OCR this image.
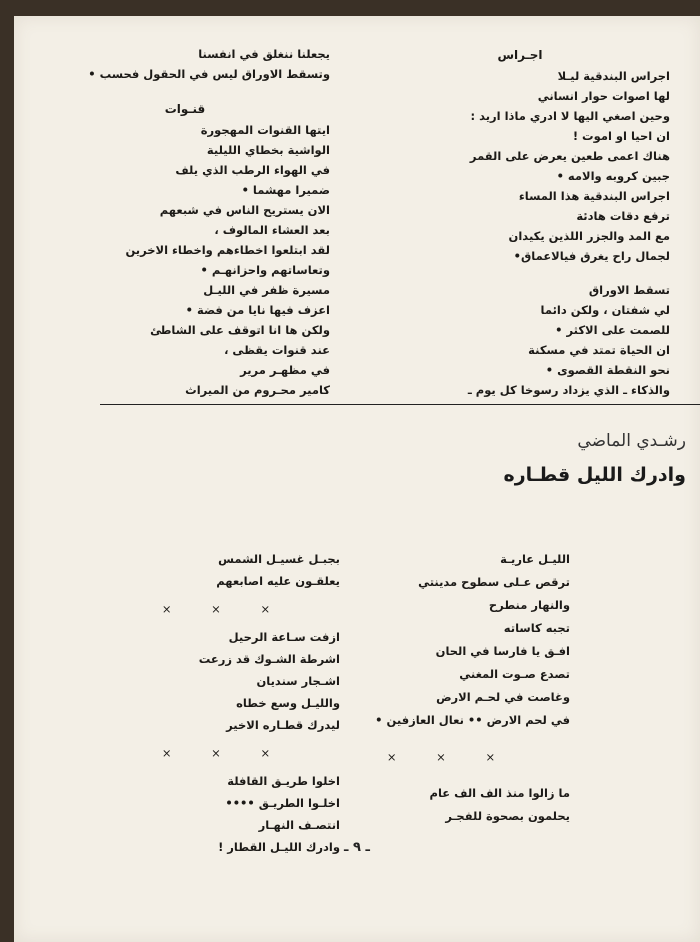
اجـراس
اجراس البندقية ليـلا
لها اصوات حوار انساني
وحين اصغي اليها لا ادري ماذا اريد :
ان احيا او اموت !
هناك اعمى طعين يعرض على القمر
جبين كروبه والامه •
اجراس البندقية هذا المساء
ترفع دقات هادئة
مع المد والجزر اللذين يكيدان
لجمال راح يغرق فيالاعماق•
تسقط الاوراق
لي شفتان ، ولكن دائما
للصمت على الاكثر •
ان الحياة تمتد في مسكنة
نحو النقطة القصوى •
والذكاء ـ الذي يزداد رسوخا كل يوم ـ
يجعلنا ننغلق في انفسنا
وتسقط الاوراق ليس في الحقول فحسب •
قنـوات
ايتها القنوات المهجورة
الواشية بخطاي الليلية
في الهواء الرطب الذي يلف
ضميرا مهشما •
الان يستريح الناس في شبعهم
بعد العشاء المالوف ،
لقد ابتلعوا اخطاءهم واخطاء الاخرين
وتعاساتهم واحزانهـم •
مسيرة ظفر في الليـل
اعزف فيها نايا من فضة •
ولكن ها انا اتوقف على الشاطئ
عند قنوات يقظى ،
في مظهـر مرير
كامير محـروم من الميراث
رشـدي الماضي
وادرك الليل قطـاره
الليـل عاريـة
ترقص عـلى سطوح مدينتي
والنهار منطرح
تجبه كاساته
افـق يا فارسا في الحان
تصدع صـوت المغني
وغاصت في لحـم الارض
في لحم الارض •• نعال العازفين •
× × ×
ما زالوا منذ الف الف عام
يحلمون بصحوة للفجـر
بجبـل غسيـل الشمس
يعلقـون عليه اصابعهم
× × ×
ازفت سـاعة الرحيل
اشرطة الشـوك قد زرعت
اشـجار سنديان
والليـل وسع خطاه
ليدرك قطـاره الاخير
× × ×
اخلوا طريـق القافلة
اخلـوا الطريـق ••••
انتصـف النهـار
وادرك الليـل القطار ! ـ ٩ ـ
